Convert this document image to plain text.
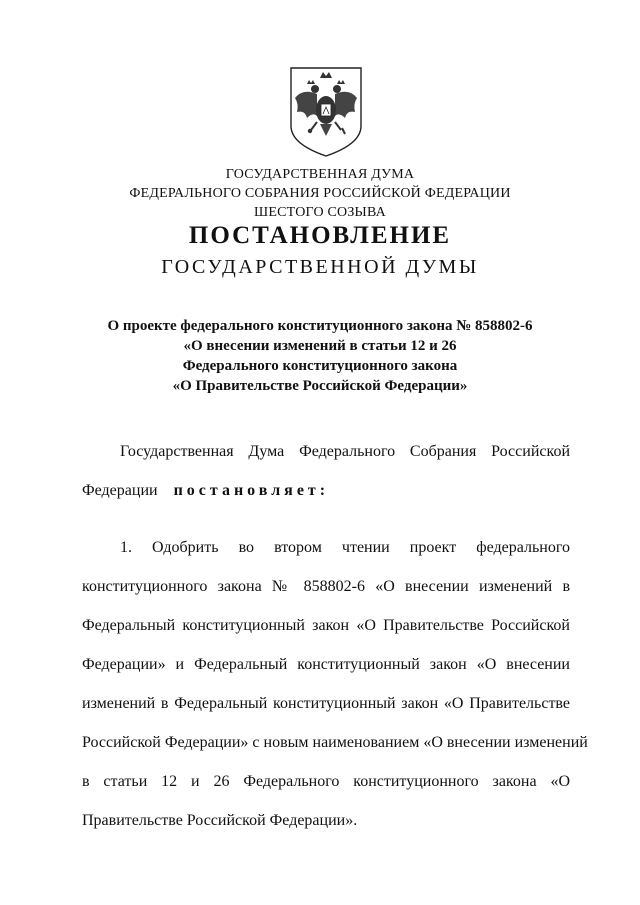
ГОСУДАРСТВЕННАЯ ДУМА
ФЕДЕРАЛЬНОГО СОБРАНИЯ РОССИЙСКОЙ ФЕДЕРАЦИИ
ШЕСТОГО СОЗЫВА
ПОСТАНОВЛЕНИЕ
ГОСУДАРСТВЕННОЙ ДУМЫ
О проекте федерального конституционного закона № 858802-6
«О внесении изменений в статьи 12 и 26
Федерального конституционного закона
«О Правительстве Российской Федерации»
Государственная Дума Федерального Собрания Российской
Федерации постановляет:
1. Одобрить во втором чтении проект федерального
конституционного закона № 858802-6 «О внесении изменений в
Федеральный конституционный закон «О Правительстве Российской
Федерации» и Федеральный конституционный закон «О внесении
изменений в Федеральный конституционный закон «О Правительстве
Российской Федерации» с новым наименованием «О внесении изменений
в статьи 12 и 26 Федерального конституционного закона «О
Правительстве Российской Федерации».
